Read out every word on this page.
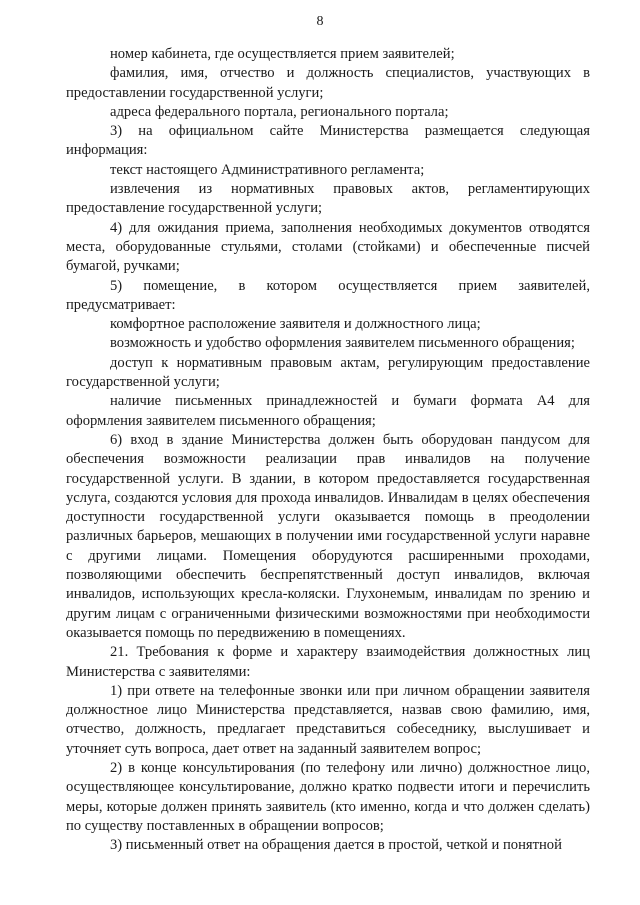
8

номер кабинета, где осуществляется прием заявителей;

фамилия, имя, отчество и должность специалистов, участвующих в предоставлении государственной услуги;

адреса федерального портала, регионального портала;

3) на официальном сайте Министерства размещается следующая информация:

текст настоящего Административного регламента;

извлечения из нормативных правовых актов, регламентирующих предоставление государственной услуги;

4) для ожидания приема, заполнения необходимых документов отводятся места, оборудованные стульями, столами (стойками) и обеспеченные писчей бумагой, ручками;

5) помещение, в котором осуществляется прием заявителей, предусматривает:

комфортное расположение заявителя и должностного лица;

возможность и удобство оформления заявителем письменного обращения;

доступ к нормативным правовым актам, регулирующим предоставление государственной услуги;

наличие письменных принадлежностей и бумаги формата А4 для оформления заявителем письменного обращения;

6) вход в здание Министерства должен быть оборудован пандусом для обеспечения возможности реализации прав инвалидов на получение государственной услуги. В здании, в котором предоставляется государственная услуга, создаются условия для прохода инвалидов. Инвалидам в целях обеспечения доступности государственной услуги оказывается помощь в преодолении различных барьеров, мешающих в получении ими государственной услуги наравне с другими лицами. Помещения оборудуются расширенными проходами, позволяющими обеспечить беспрепятственный доступ инвалидов, включая инвалидов, использующих кресла-коляски. Глухонемым, инвалидам по зрению и другим лицам с ограниченными физическими возможностями при необходимости оказывается помощь по передвижению в помещениях.

21. Требования к форме и характеру взаимодействия должностных лиц Министерства с заявителями:

1) при ответе на телефонные звонки или при личном обращении заявителя должностное лицо Министерства представляется, назвав свою фамилию, имя, отчество, должность, предлагает представиться собеседнику, выслушивает и уточняет суть вопроса, дает ответ на заданный заявителем вопрос;

2) в конце консультирования (по телефону или лично) должностное лицо, осуществляющее консультирование, должно кратко подвести итоги и перечислить меры, которые должен принять заявитель (кто именно, когда и что должен сделать) по существу поставленных в обращении вопросов;

3) письменный ответ на обращения дается в простой, четкой и понятной
